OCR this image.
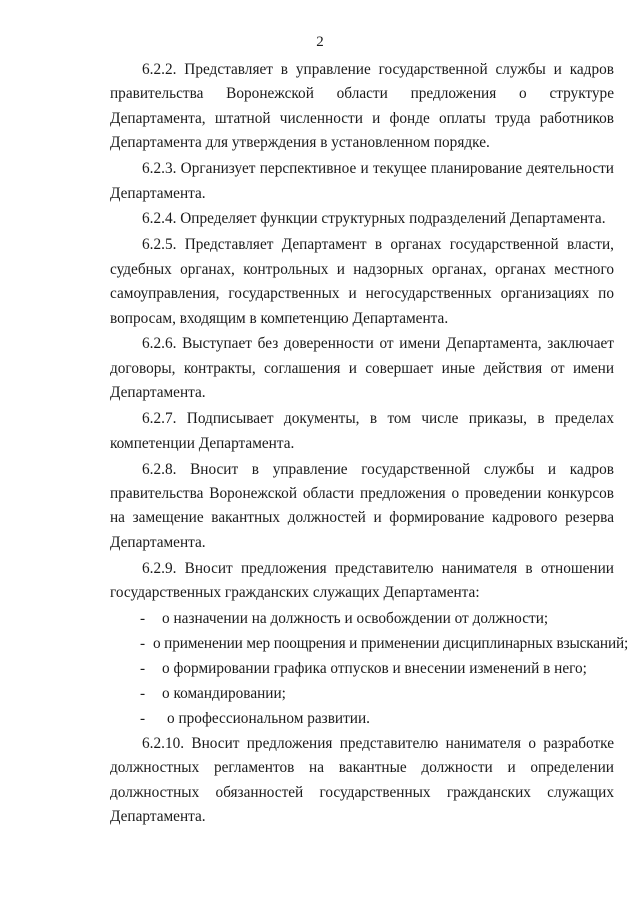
2

6.2.2. Представляет в управление государственной службы и кадров правительства Воронежской области предложения о структуре Департамента, штатной численности и фонде оплаты труда работников Департамента для утверждения в установленном порядке.

6.2.3. Организует перспективное и текущее планирование деятельности Департамента.

6.2.4. Определяет функции структурных подразделений Департамента.

6.2.5. Представляет Департамент в органах государственной власти, судебных органах, контрольных и надзорных органах, органах местного самоуправления, государственных и негосударственных организациях по вопросам, входящим в компетенцию Департамента.

6.2.6. Выступает без доверенности от имени Департамента, заключает договоры, контракты, соглашения и совершает иные действия от имени Департамента.

6.2.7. Подписывает документы, в том числе приказы, в пределах компетенции Департамента.

6.2.8. Вносит в управление государственной службы и кадров правительства Воронежской области предложения о проведении конкурсов на замещение вакантных должностей и формирование кадрового резерва Департамента.

6.2.9. Вносит предложения представителю нанимателя в отношении государственных гражданских служащих Департамента:

- о назначении на должность и освобождении от должности;
- о применении мер поощрения и применении дисциплинарных взысканий;
- о формировании графика отпусков и внесении изменений в него;
- о командировании;
- о профессиональном развитии.

6.2.10. Вносит предложения представителю нанимателя о разработке должностных регламентов на вакантные должности и определении должностных обязанностей государственных гражданских служащих Департамента.
